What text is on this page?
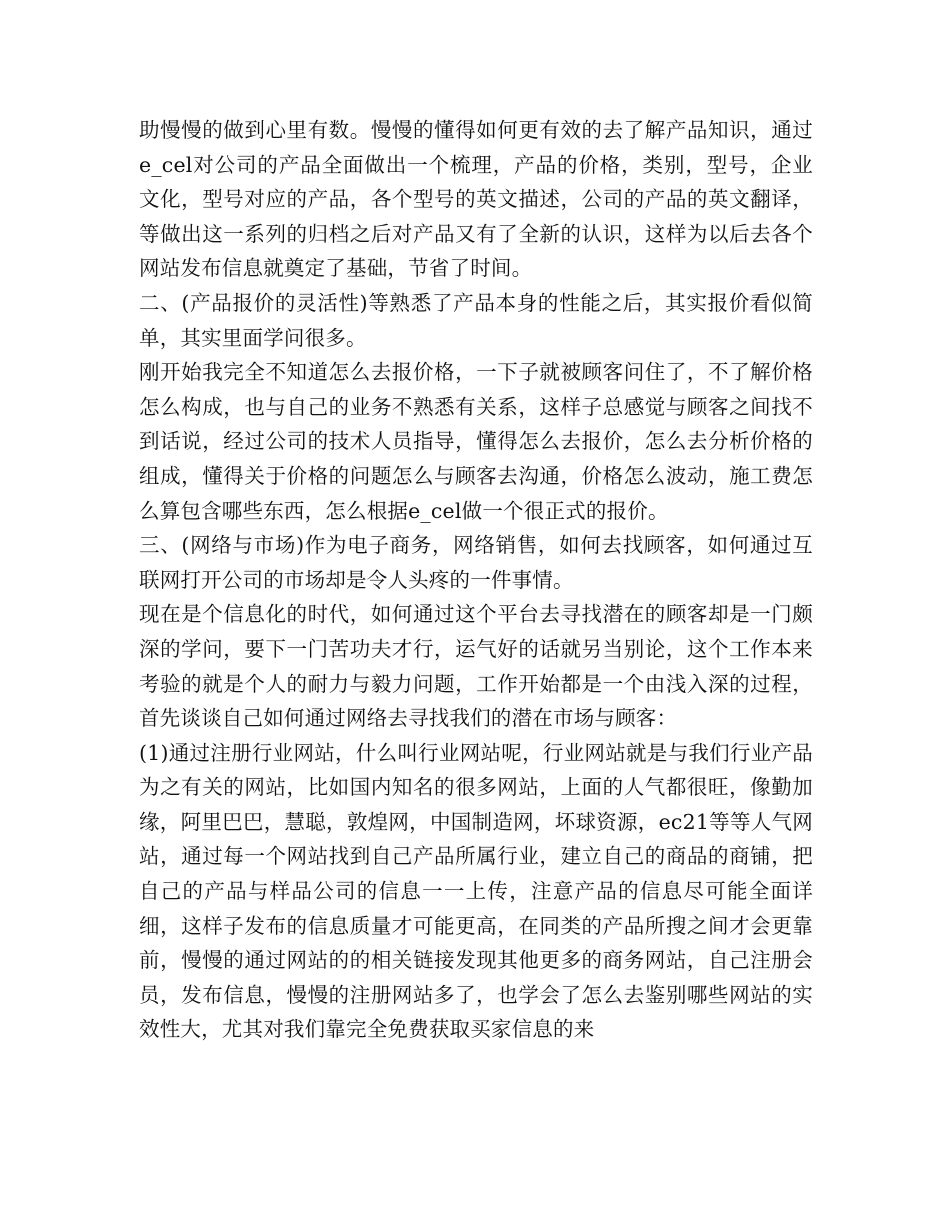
助慢慢的做到心里有数。慢慢的懂得如何更有效的去了解产品知识，通过e_cel对公司的产品全面做出一个梳理，产品的价格，类别，型号，企业文化，型号对应的产品，各个型号的英文描述，公司的产品的英文翻译，等做出这一系列的归档之后对产品又有了全新的认识，这样为以后去各个网站发布信息就奠定了基础，节省了时间。

二、(产品报价的灵活性)等熟悉了产品本身的性能之后，其实报价看似简单，其实里面学问很多。

刚开始我完全不知道怎么去报价格，一下子就被顾客问住了，不了解价格怎么构成，也与自己的业务不熟悉有关系，这样子总感觉与顾客之间找不到话说，经过公司的技术人员指导，懂得怎么去报价，怎么去分析价格的组成，懂得关于价格的问题怎么与顾客去沟通，价格怎么波动，施工费怎么算包含哪些东西，怎么根据e_cel做一个很正式的报价。

三、(网络与市场)作为电子商务，网络销售，如何去找顾客，如何通过互联网打开公司的市场却是令人头疼的一件事情。

现在是个信息化的时代，如何通过这个平台去寻找潜在的顾客却是一门颇深的学问，要下一门苦功夫才行，运气好的话就另当别论，这个工作本来考验的就是个人的耐力与毅力问题，工作开始都是一个由浅入深的过程，首先谈谈自己如何通过网络去寻找我们的潜在市场与顾客：

(1)通过注册行业网站，什么叫行业网站呢，行业网站就是与我们行业产品为之有关的网站，比如国内知名的很多网站，上面的人气都很旺，像勤加缘，阿里巴巴，慧聪，敦煌网，中国制造网，坏球资源，ec21等等人气网站，通过每一个网站找到自己产品所属行业，建立自己的商品的商铺，把自己的产品与样品公司的信息一一上传，注意产品的信息尽可能全面详细，这样子发布的信息质量才可能更高，在同类的产品所搜之间才会更靠前，慢慢的通过网站的的相关链接发现其他更多的商务网站，自己注册会员，发布信息，慢慢的注册网站多了，也学会了怎么去鉴别哪些网站的实效性大，尤其对我们靠完全免费获取买家信息的来
